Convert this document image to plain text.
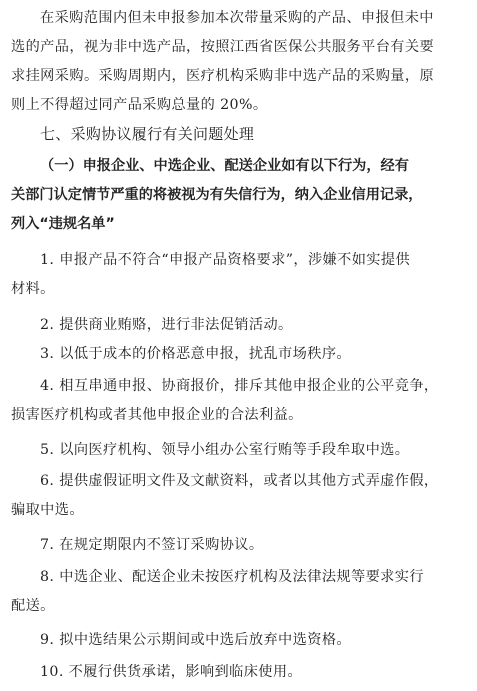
在采购范围内但未申报参加本次带量采购的产品、申报但未中
选的产品，视为非中选产品，按照江西省医保公共服务平台有关要
求挂网采购。采购周期内，医疗机构采购非中选产品的采购量，原
则上不得超过同产品采购总量的 20%。
七、采购协议履行有关问题处理
（一）申报企业、中选企业、配送企业如有以下行为，经有
关部门认定情节严重的将被视为有失信行为，纳入企业信用记录，
列入“违规名单”
1. 申报产品不符合“申报产品资格要求”，涉嫌不如实提供
材料。
2. 提供商业贿赂，进行非法促销活动。
3. 以低于成本的价格恶意申报，扰乱市场秩序。
4. 相互串通申报、协商报价，排斥其他申报企业的公平竞争，
损害医疗机构或者其他申报企业的合法利益。
5. 以向医疗机构、领导小组办公室行贿等手段牟取中选。
6. 提供虚假证明文件及文献资料，或者以其他方式弄虚作假，
骗取中选。
7. 在规定期限内不签订采购协议。
8. 中选企业、配送企业未按医疗机构及法律法规等要求实行
配送。
9. 拟中选结果公示期间或中选后放弃中选资格。
10. 不履行供货承诺，影响到临床使用。
